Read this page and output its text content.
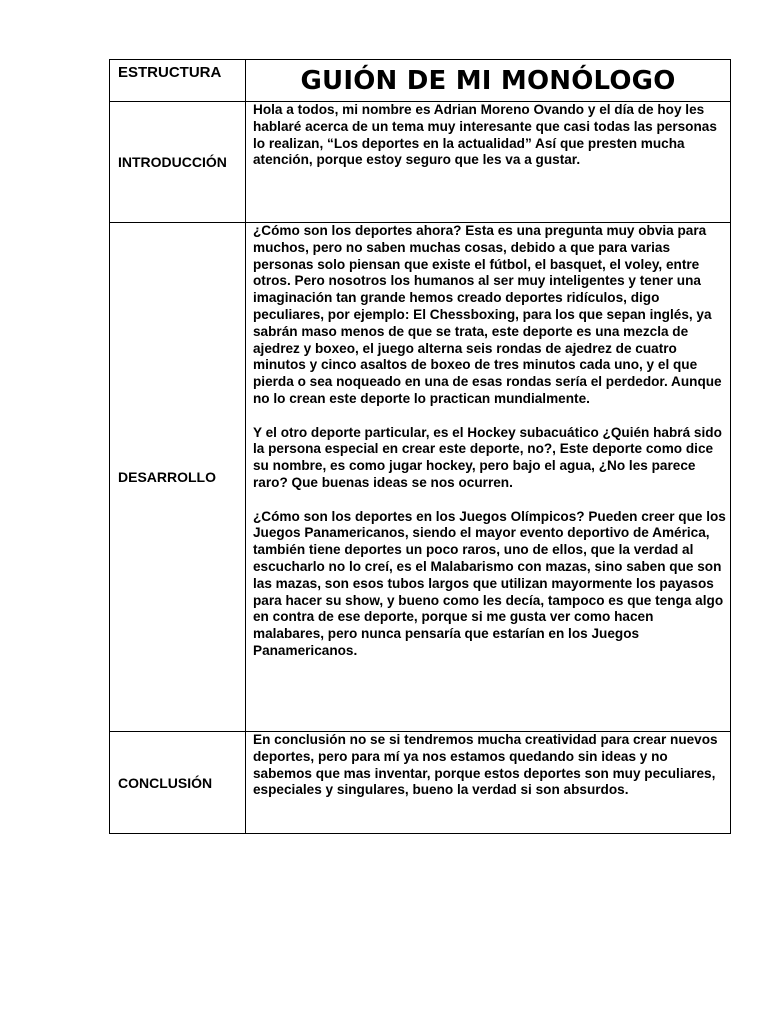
ESTRUCTURA	GUIÓN DE MI MONÓLOGO
INTRODUCCIÓN	Hola a todos, mi nombre es Adrian Moreno Ovando y el día de hoy les hablaré acerca de un tema muy interesante que casi todas las personas lo realizan, “Los deportes en la actualidad” Así que presten mucha atención, porque estoy seguro que les va a gustar.

DESARROLLO	¿Cómo son los deportes ahora? Esta es una pregunta muy obvia para muchos, pero no saben muchas cosas, debido a que para varias personas solo piensan que existe el fútbol, el basquet, el voley, entre otros. Pero nosotros los humanos al ser muy inteligentes y tener una imaginación tan grande hemos creado deportes ridículos, digo peculiares, por ejemplo: El Chessboxing, para los que sepan inglés, ya sabrán maso menos de que se trata, este deporte es una mezcla de ajedrez y boxeo, el juego alterna seis rondas de ajedrez de cuatro minutos y cinco asaltos de boxeo de tres minutos cada uno, y el que pierda o sea noqueado en una de esas rondas sería el perdedor. Aunque no lo crean este deporte lo practican mundialmente.

Y el otro deporte particular, es el Hockey subacuático ¿Quién habrá sido la persona especial en crear este deporte, no?, Este deporte como dice su nombre, es como jugar hockey, pero bajo el agua, ¿No les parece raro? Que buenas ideas se nos ocurren.

¿Cómo son los deportes en los Juegos Olímpicos? Pueden creer que los Juegos Panamericanos, siendo el mayor evento deportivo de América, también tiene deportes un poco raros, uno de ellos, que la verdad al escucharlo no lo creí, es el Malabarismo con mazas, sino saben que son las mazas, son esos tubos largos que utilizan mayormente los payasos para hacer su show, y bueno como les decía, tampoco es que tenga algo en contra de ese deporte, porque si me gusta ver como hacen malabares, pero nunca pensaría que estarían en los Juegos Panamericanos.

CONCLUSIÓN	En conclusión no se si tendremos mucha creatividad para crear nuevos deportes, pero para mí ya nos estamos quedando sin ideas y no sabemos que mas inventar, porque estos deportes son muy peculiares, especiales y singulares, bueno la verdad si son absurdos.
